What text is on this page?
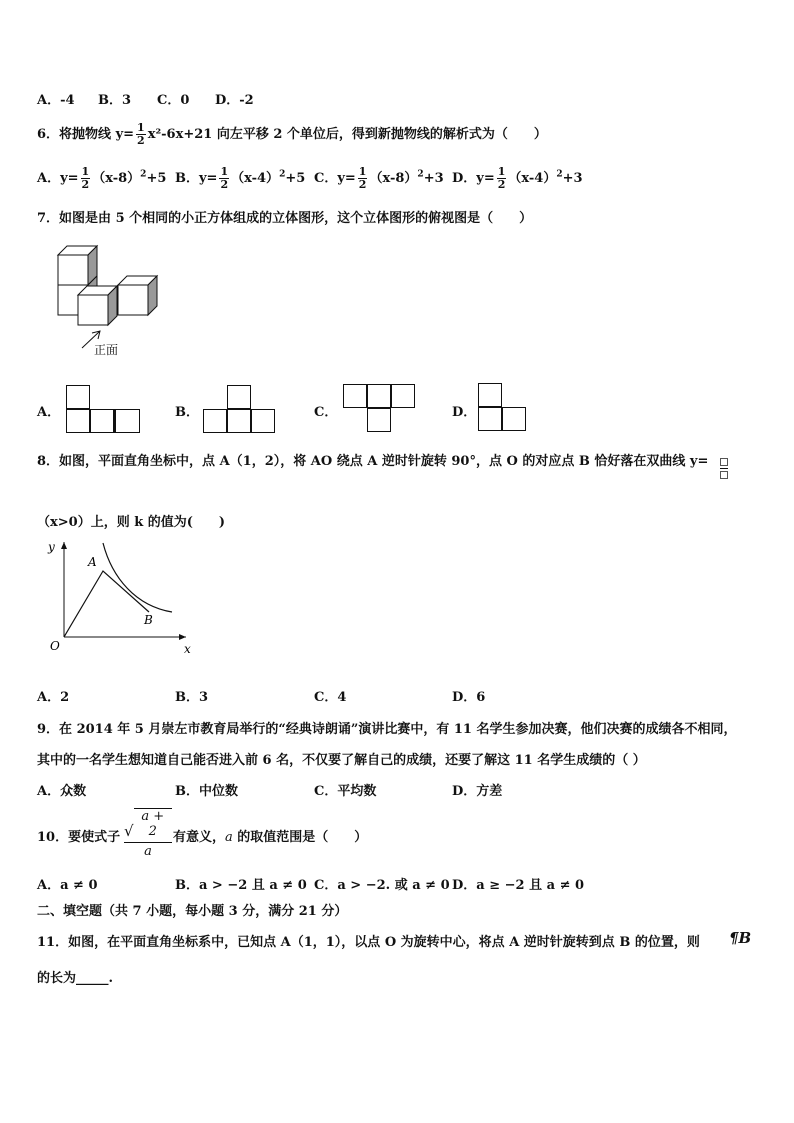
A．-4 B．3 C．0 D．-2
6．将抛物线 $y= \frac{1}{2} x^2-6x+21$ 向左平移 2 个单位后，得到新抛物线的解析式为（　　）
A．$y= \frac{1}{2} (x-8)^2+5$ B．$y= \frac{1}{2} (x-4)^2+5$ C．$y= \frac{1}{2} (x-8)^2+3$ D．$y= \frac{1}{2} (x-4)^2+3$
7．如图是由 5 个相同的小正方体组成的立体图形，这个立体图形的俯视图是（　　）
正面
A．	B．	C．	D．
8．如图，平面直角坐标中，点 A（1，2），将 AO 绕点 A 逆时针旋转 90°，点 O 的对应点 B 恰好落在双曲线 y=
（x>0）上，则 k 的值为(　　)
y
x
O
A
B
A．2	B．3	C．4	D．6
9．在 2014 年 5 月崇左市教育局举行的“经典诗朗诵”演讲比赛中，有 11 名学生参加决赛，他们决赛的成绩各不相同，
其中的一名学生想知道自己能否进入前 6 名，不仅要了解自己的成绩，还要了解这 11 名学生成绩的（ ）
A．众数	B．中位数	C．平均数	D．方差
10．要使式子 √
a + 2
a
有意义，a 的取值范围是（　　）
A．a ≠ 0	B．a > −2 且 a ≠ 0 C．a > −2. 或 a ≠ 0 D．a ≥ −2 且 a ≠ 0
二、填空题（共 7 小题，每小题 3 分，满分 21 分）
11．如图，在平面直角坐标系中，已知点 A（1，1），以点 O 为旋转中心，将点 A 逆时针旋转到点 B 的位置，则 ¶B
的长为_____.
